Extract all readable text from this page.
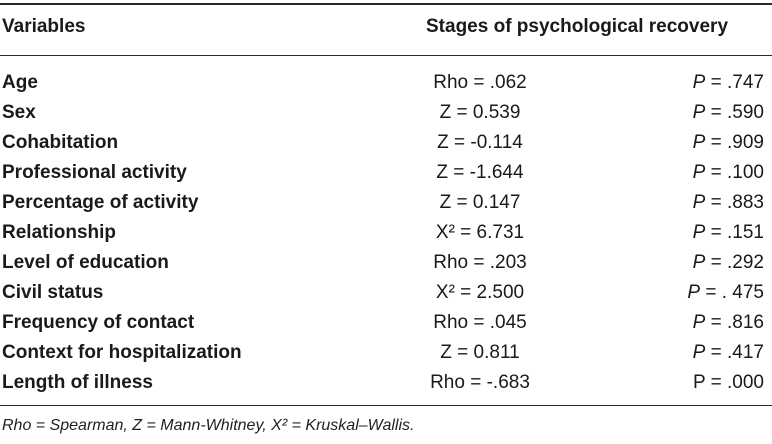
Variables	Stages of psychological recovery
Age	Rho = .062	P = .747
Sex	Z = 0.539	P = .590
Cohabitation	Z = -0.114	P = .909
Professional activity	Z = -1.644	P = .100
Percentage of activity	Z = 0.147	P = .883
Relationship	X² = 6.731	P = .151
Level of education	Rho = .203	P = .292
Civil status	X² = 2.500	P = . 475
Frequency of contact	Rho = .045	P = .816
Context for hospitalization	Z = 0.811	P = .417
Length of illness	Rho = -.683	P = .000
Rho = Spearman, Z = Mann-Whitney, X² = Kruskal–Wallis.
